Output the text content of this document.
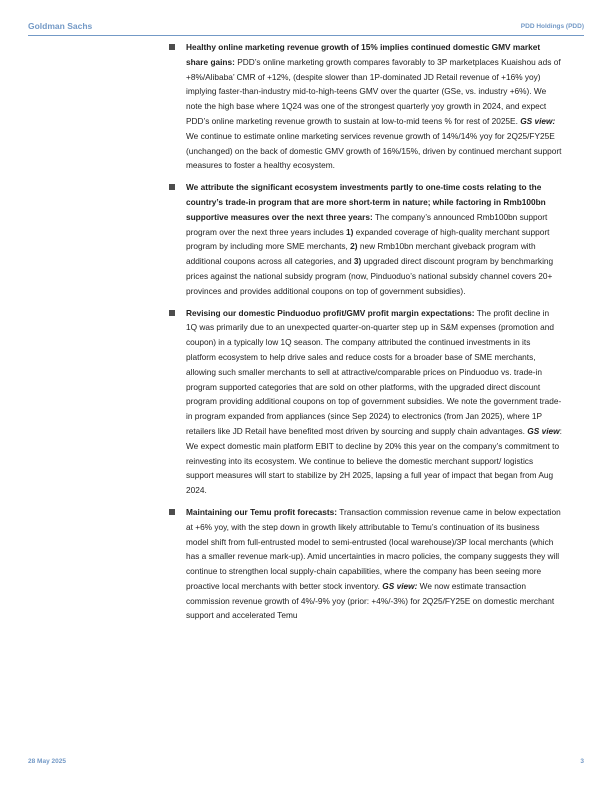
Goldman Sachs	PDD Holdings (PDD)
Healthy online marketing revenue growth of 15% implies continued domestic GMV market share gains: PDD’s online marketing growth compares favorably to 3P marketplaces Kuaishou ads of +8%/Alibaba’ CMR of +12%, (despite slower than 1P-dominated JD Retail revenue of +16% yoy) implying faster-than-industry mid-to-high-teens GMV over the quarter (GSe, vs. industry +6%). We note the high base where 1Q24 was one of the strongest quarterly yoy growth in 2024, and expect PDD’s online marketing revenue growth to sustain at low-to-mid teens % for rest of 2025E. GS view: We continue to estimate online marketing services revenue growth of 14%/14% yoy for 2Q25/FY25E (unchanged) on the back of domestic GMV growth of 16%/15%, driven by continued merchant support measures to foster a healthy ecosystem.
We attribute the significant ecosystem investments partly to one-time costs relating to the country’s trade-in program that are more short-term in nature; while factoring in Rmb100bn supportive measures over the next three years: The company’s announced Rmb100bn support program over the next three years includes 1) expanded coverage of high-quality merchant support program by including more SME merchants, 2) new Rmb10bn merchant giveback program with additional coupons across all categories, and 3) upgraded direct discount program by benchmarking prices against the national subsidy program (now, Pinduoduo’s national subsidy channel covers 20+ provinces and provides additional coupons on top of government subsidies).
Revising our domestic Pinduoduo profit/GMV profit margin expectations: The profit decline in 1Q was primarily due to an unexpected quarter-on-quarter step up in S&M expenses (promotion and coupon) in a typically low 1Q season. The company attributed the continued investments in its platform ecosystem to help drive sales and reduce costs for a broader base of SME merchants, allowing such smaller merchants to sell at attractive/comparable prices on Pinduoduo vs. trade-in program supported categories that are sold on other platforms, with the upgraded direct discount program providing additional coupons on top of government subsidies. We note the government trade-in program expanded from appliances (since Sep 2024) to electronics (from Jan 2025), where 1P retailers like JD Retail have benefited most driven by sourcing and supply chain advantages. GS view: We expect domestic main platform EBIT to decline by 20% this year on the company’s commitment to reinvesting into its ecosystem. We continue to believe the domestic merchant support/ logistics support measures will start to stabilize by 2H 2025, lapsing a full year of impact that began from Aug 2024.
Maintaining our Temu profit forecasts: Transaction commission revenue came in below expectation at +6% yoy, with the step down in growth likely attributable to Temu’s continuation of its business model shift from full-entrusted model to semi-entrusted (local warehouse)/3P local merchants (which has a smaller revenue mark-up). Amid uncertainties in macro policies, the company suggests they will continue to strengthen local supply-chain capabilities, where the company has been seeing more proactive local merchants with better stock inventory. GS view: We now estimate transaction commission revenue growth of 4%/-9% yoy (prior: +4%/-3%) for 2Q25/FY25E on domestic merchant support and accelerated Temu
28 May 2025	3
